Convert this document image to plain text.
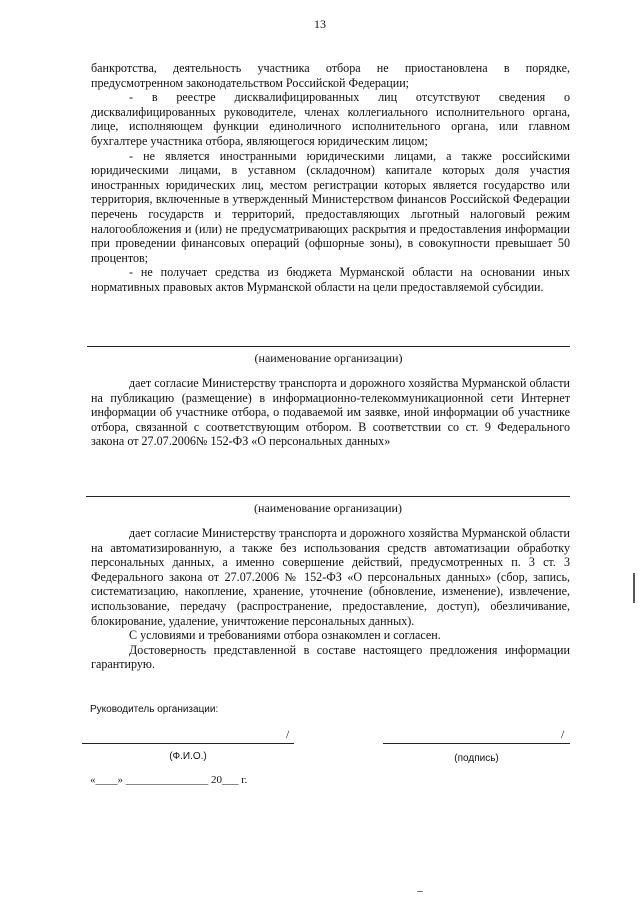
13

банкротства, деятельность участника отбора не приостановлена в порядке, предусмотренном законодательством Российской Федерации;

- в реестре дисквалифицированных лиц отсутствуют сведения о дисквалифицированных руководителе, членах коллегиального исполнительного органа, лице, исполняющем функции единоличного исполнительного органа, или главном бухгалтере участника отбора, являющегося юридическим лицом;

- не является иностранными юридическими лицами, а также российскими юридическими лицами, в уставном (складочном) капитале которых доля участия иностранных юридических лиц, местом регистрации которых является государство или территория, включенные в утвержденный Министерством финансов Российской Федерации перечень государств и территорий, предоставляющих льготный налоговый режим налогообложения и (или) не предусматривающих раскрытия и предоставления информации при проведении финансовых операций (офшорные зоны), в совокупности превышает 50 процентов;

- не получает средства из бюджета Мурманской области на основании иных нормативных правовых актов Мурманской области на цели предоставляемой субсидии.

(наименование организации)

дает согласие Министерству транспорта и дорожного хозяйства Мурманской области на публикацию (размещение) в информационно-телекоммуникационной сети Интернет информации об участнике отбора, о подаваемой им заявке, иной информации об участнике отбора, связанной с соответствующим отбором. В соответствии со ст. 9 Федерального закона от 27.07.2006№ 152-ФЗ «О персональных данных»

(наименование организации)

дает согласие Министерству транспорта и дорожного хозяйства Мурманской области на автоматизированную, а также без использования средств автоматизации обработку персональных данных, а именно совершение действий, предусмотренных п. 3 ст. 3 Федерального закона от 27.07.2006 № 152-ФЗ «О персональных данных» (сбор, запись, систематизацию, накопление, хранение, уточнение (обновление, изменение), извлечение, использование, передачу (распространение, предоставление, доступ), обезличивание, блокирование, удаление, уничтожение персональных данных).

С условиями и требованиями отбора ознакомлен и согласен.

Достоверность представленной в составе настоящего предложения информации гарантирую.

Руководитель организации:
/
(Ф.И.О.)
/
(подпись)
«____» _______________ 20___ г.
